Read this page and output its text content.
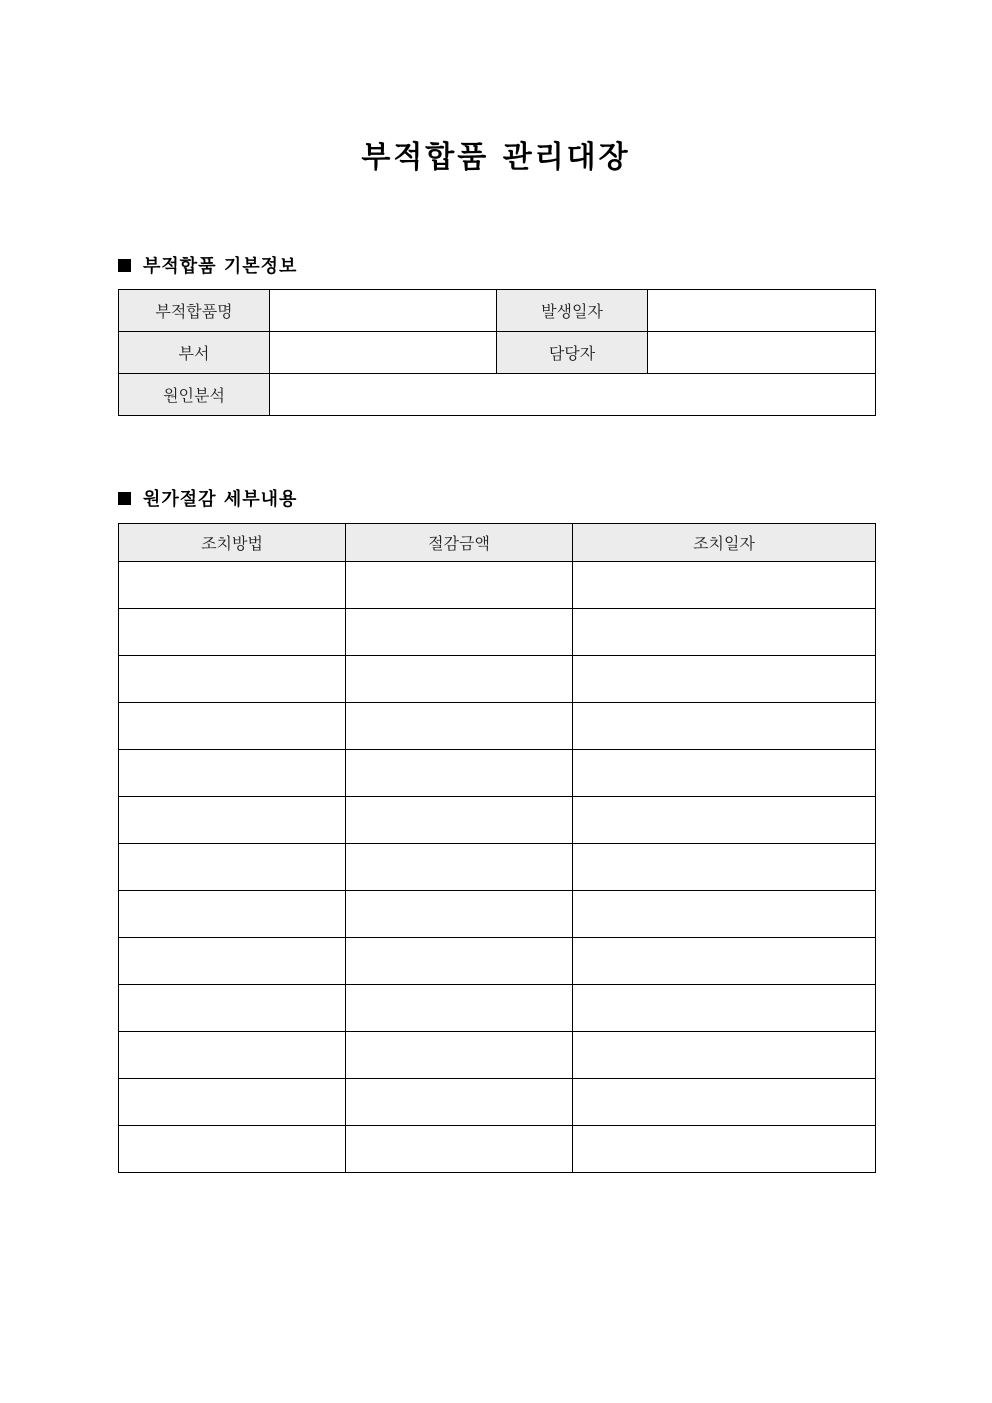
부적합품 관리대장
부적합품 기본정보
부적합품명		발생일자	
부서		담당자	
원인분석			
원가절감 세부내용
조치방법	절감금액	조치일자
